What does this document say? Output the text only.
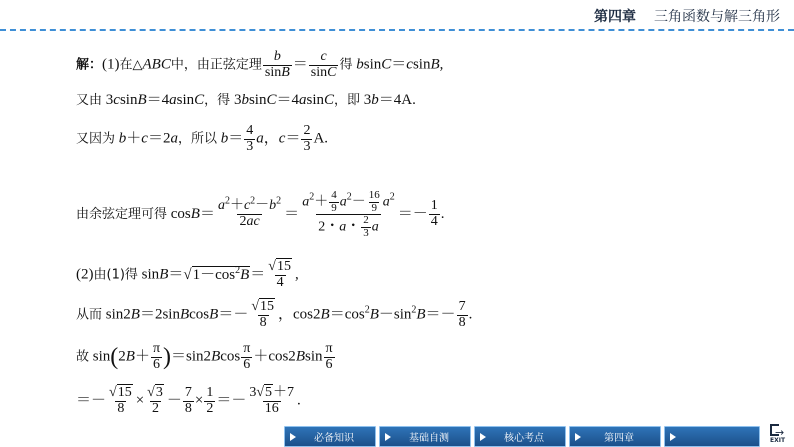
第四章 三角函数与解三角形
解：(1)在△ABC中，由正弦定理 $\frac{b}{\sin B} = \frac{c}{\sin C}$ 得 bsinC＝csinB,
又由 3csinB＝4asinC，得 3bsinC＝4asinC，即 3b＝4A.
又因为 b＋c＝2a，所以 $b= \frac{4}{3}$ a，$c= \frac{2}{3} A$.
由余弦定理可得 $\cos B= \frac{a^2+c^2-b^2}{2ac} = \frac{a^2+ \frac{4}{9} a^2- \frac{16}{9} a^2}{2・a・ \frac{2}{3} a} =- \frac{1}{4}$ .
(2)由(1)得 $\sin B=√1-\cos^2B= \frac{√15}{4}$ ,
从而 sin2B＝2sinBcosB＝－ $\frac{√15}{8}$ ，$\cos 2B=\cos^2B-\sin^2B=- \frac{7}{8}$ .
故 $\sin(2B+ \frac{\pi}{6} )=\sin 2Bcos \frac{\pi}{6} +\cos 2Bsin \frac{\pi}{6}$
＝－ $\frac{√15}{8} \times \frac{√3}{2} - \frac{7}{8} \times \frac{1}{2} =- \frac{3√5+7}{16}$ .
必备知识	基础自测	核心考点	第四章	→
EXIT
